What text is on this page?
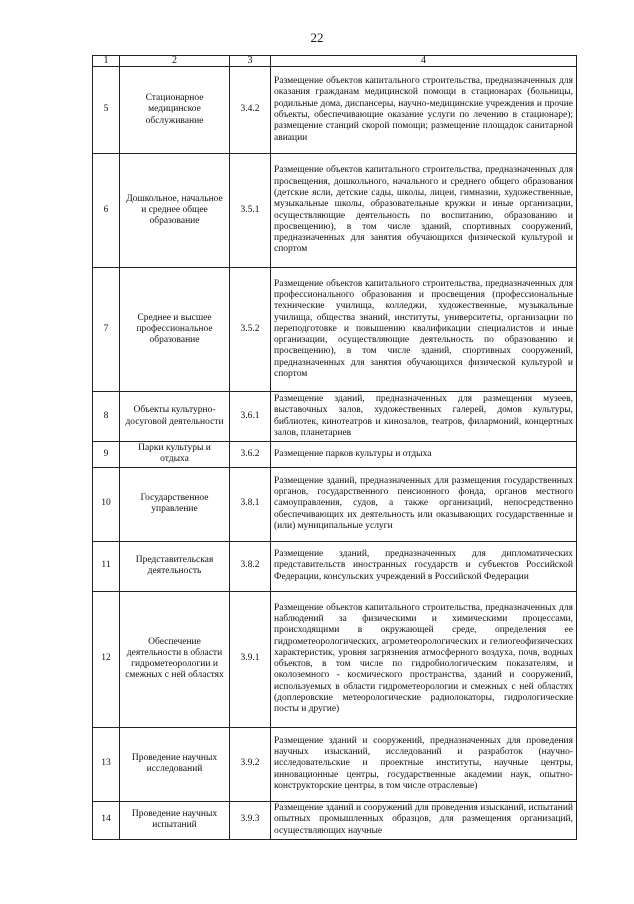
22
1	2	3	4
5	Стационарное медицинское обслуживание	3.4.2	Размещение объектов капитального строительства, предназначенных для оказания гражданам медицинской помощи в стационарах (больницы, родильные дома, диспансеры, научно-медицинские учреждения и прочие объекты, обеспечивающие оказание услуги по лечению в стационаре); размещение станций скорой помощи; размещение площадок санитарной авиации
6	Дошкольное, начальное и среднее общее образование	3.5.1	Размещение объектов капитального строительства, предназначенных для просвещения, дошкольного, начального и среднего общего образования (детские ясли, детские сады, школы, лицеи, гимназии, художественные, музыкальные школы, образовательные кружки и иные организации, осуществляющие деятельность по воспитанию, образованию и просвещению), в том числе зданий, спортивных сооружений, предназначенных для занятия обучающихся физической культурой и спортом
7	Среднее и высшее профессиональное образование	3.5.2	Размещение объектов капитального строительства, предназначенных для профессионального образования и просвещения (профессиональные технические училища, колледжи, художественные, музыкальные училища, общества знаний, институты, университеты, организации по переподготовке и повышению квалификации специалистов и иные организации, осуществляющие деятельность по образованию и просвещению), в том числе зданий, спортивных сооружений, предназначенных для занятия обучающихся физической культурой и спортом
8	Объекты культурно-досуговой деятельности	3.6.1	Размещение зданий, предназначенных для размещения музеев, выставочных залов, художественных галерей, домов культуры, библиотек, кинотеатров и кинозалов, театров, филармоний, концертных залов, планетариев
9	Парки культуры и отдыха	3.6.2	Размещение парков культуры и отдыха
10	Государственное управление	3.8.1	Размещение зданий, предназначенных для размещения государственных органов, государственного пенсионного фонда, органов местного самоуправления, судов, а также организаций, непосредственно обеспечивающих их деятельность или оказывающих государственные и (или) муниципальные услуги
11	Представительская деятельность	3.8.2	Размещение зданий, предназначенных для дипломатических представительств иностранных государств и субъектов Российской Федерации, консульских учреждений в Российской Федерации
12	Обеспечение деятельности в области гидрометеорологии и смежных с ней областях	3.9.1	Размещение объектов капитального строительства, предназначенных для наблюдений за физическими и химическими процессами, происходящими в окружающей среде, определения ее гидрометеорологических, агрометеорологических и гелиогеофизических характеристик, уровня загрязнения атмосферного воздуха, почв, водных объектов, в том числе по гидробиологическим показателям, и околоземного - космического пространства, зданий и сооружений, используемых в области гидрометеорологии и смежных с ней областях (доплеровские метеорологические радиолокаторы, гидрологические посты и другие)
13	Проведение научных исследований	3.9.2	Размещение зданий и сооружений, предназначенных для проведения научных изысканий, исследований и разработок (научно-исследовательские и проектные институты, научные центры, инновационные центры, государственные академии наук, опытно-конструкторские центры, в том числе отраслевые)
14	Проведение научных испытаний	3.9.3	Размещение зданий и сооружений для проведения изысканий, испытаний опытных промышленных образцов, для размещения организаций, осуществляющих научные
